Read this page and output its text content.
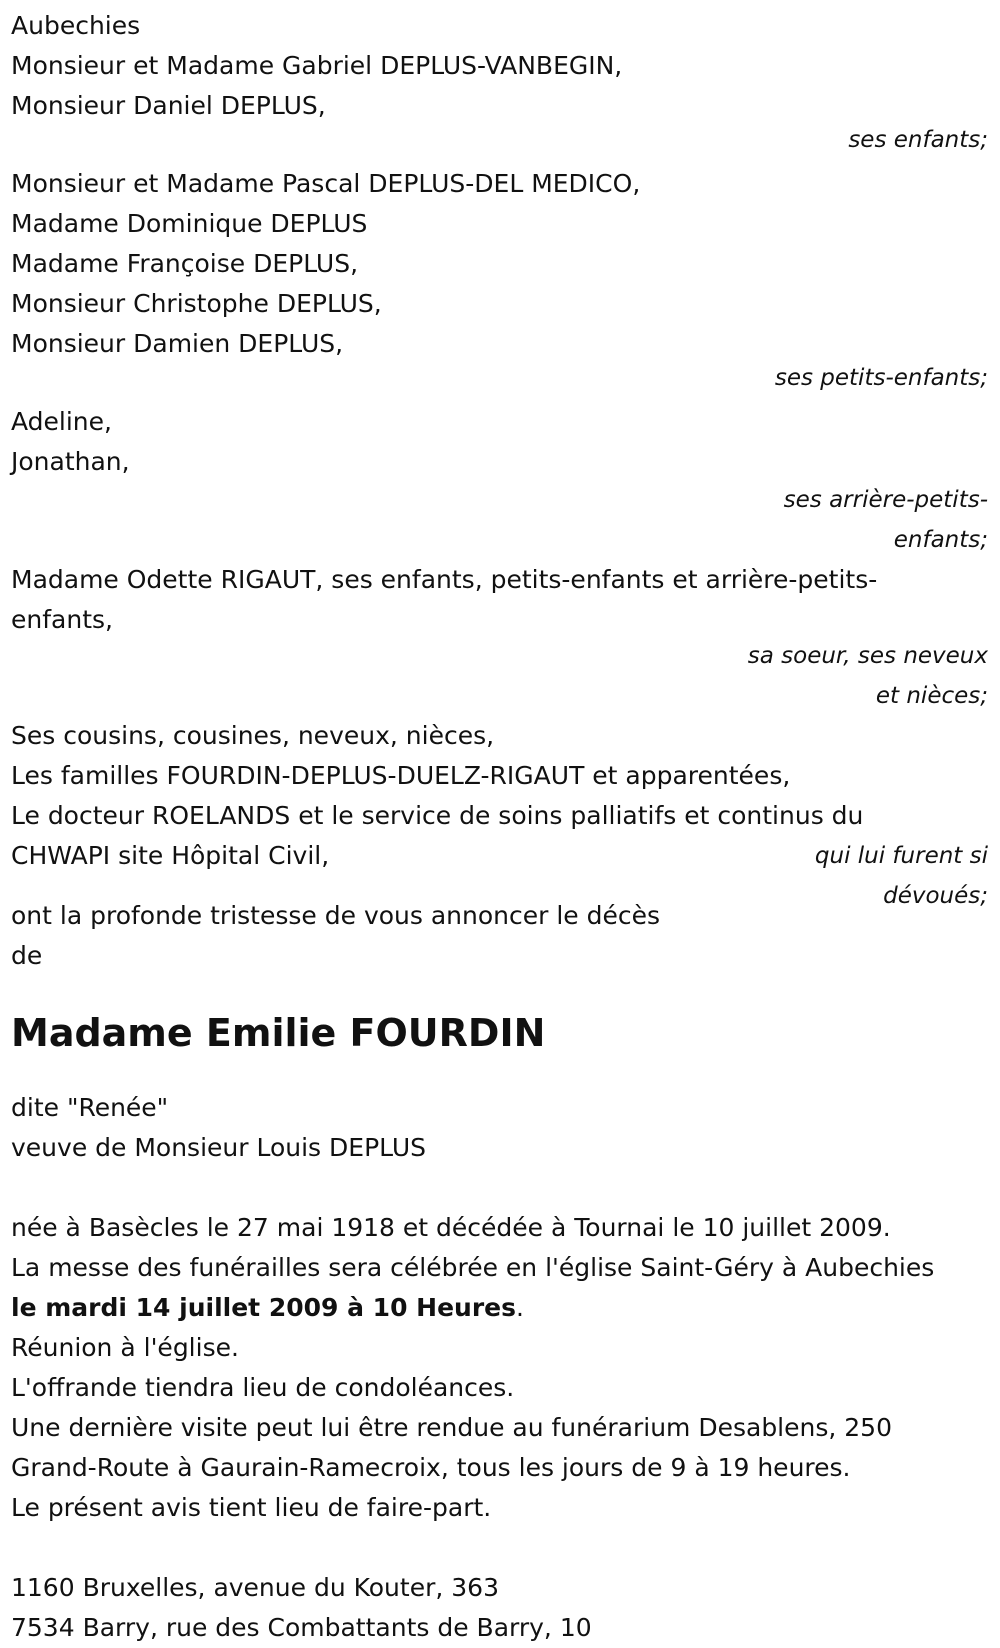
Aubechies
Monsieur et Madame Gabriel DEPLUS-VANBEGIN,
Monsieur Daniel DEPLUS,
ses enfants;
Monsieur et Madame Pascal DEPLUS-DEL MEDICO,
Madame Dominique DEPLUS
Madame Françoise DEPLUS,
Monsieur Christophe DEPLUS,
Monsieur Damien DEPLUS,
ses petits-enfants;
Adeline,
Jonathan,
ses arrière-petits-
enfants;
Madame Odette RIGAUT, ses enfants, petits-enfants et arrière-petits-
enfants,
sa soeur, ses neveux
et nièces;
Ses cousins, cousines, neveux, nièces,
Les familles FOURDIN-DEPLUS-DUELZ-RIGAUT et apparentées,
Le docteur ROELANDS et le service de soins palliatifs et continus du
CHWAPI site Hôpital Civil,	qui lui furent si
dévoués;
ont la profonde tristesse de vous annoncer le décès
de
Madame Emilie FOURDIN
dite "Renée"
veuve de Monsieur Louis DEPLUS
née à Basècles le 27 mai 1918 et décédée à Tournai le 10 juillet 2009.
La messe des funérailles sera célébrée en l'église Saint-Géry à Aubechies
le mardi 14 juillet 2009 à 10 Heures.
Réunion à l'église.
L'offrande tiendra lieu de condoléances.
Une dernière visite peut lui être rendue au funérarium Desablens, 250
Grand-Route à Gaurain-Ramecroix, tous les jours de 9 à 19 heures.
Le présent avis tient lieu de faire-part.
1160 Bruxelles, avenue du Kouter, 363
7534 Barry, rue des Combattants de Barry, 10
